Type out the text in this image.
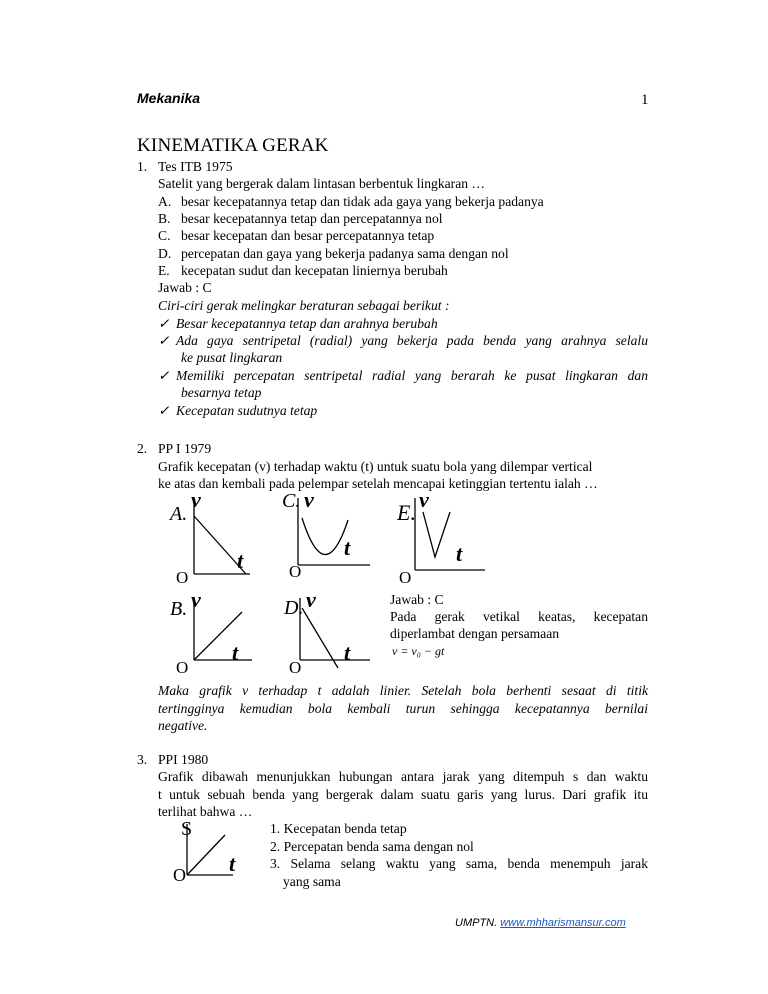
Mekanika	1
KINEMATIKA GERAK
1. Tes ITB 1975
Satelit yang bergerak dalam lintasan berbentuk lingkaran …
A. besar kecepatannya tetap dan tidak ada gaya yang bekerja padanya
B. besar kecepatannya tetap dan percepatannya nol
C. besar kecepatan dan besar percepatannya tetap
D. percepatan dan gaya yang bekerja padanya sama dengan nol
E. kecepatan sudut dan kecepatan liniernya berubah
Jawab : C
Ciri-ciri gerak melingkar beraturan sebagai berikut :
✓ Besar kecepatannya tetap dan arahnya berubah
✓ Ada gaya sentripetal (radial) yang bekerja pada benda yang arahnya selalu
ke pusat lingkaran
✓ Memiliki percepatan sentripetal radial yang berarah ke pusat lingkaran dan
besarnya tetap
✓ Kecepatan sudutnya tetap
2. PP I 1979
Grafik kecepatan (v) terhadap waktu (t) untuk suatu bola yang dilempar vertical
ke atas dan kembali pada pelempar setelah mencapai ketinggian tertentu ialah …
A.
v
t
O
C. v
t
O
E.
v
t
O
B. v
t
O
D. v
t
O
Jawab : C
Pada gerak vetikal keatas, kecepatan
diperlambat dengan persamaan
v = v₀ − gt
Maka grafik v terhadap t adalah linier. Setelah bola berhenti sesaat di titik
tertingginya kemudian bola kembali turun sehingga kecepatannya bernilai
negative.
3. PPI 1980
Grafik dibawah menunjukkan hubungan antara jarak yang ditempuh s dan waktu
t untuk sebuah benda yang bergerak dalam suatu garis yang lurus. Dari grafik itu
terlihat bahwa …
S
t
O
1. Kecepatan benda tetap
2. Percepatan benda sama dengan nol
3. Selama selang waktu yang sama, benda menempuh jarak
yang sama
UMPTN. www.mhharismansur.com
